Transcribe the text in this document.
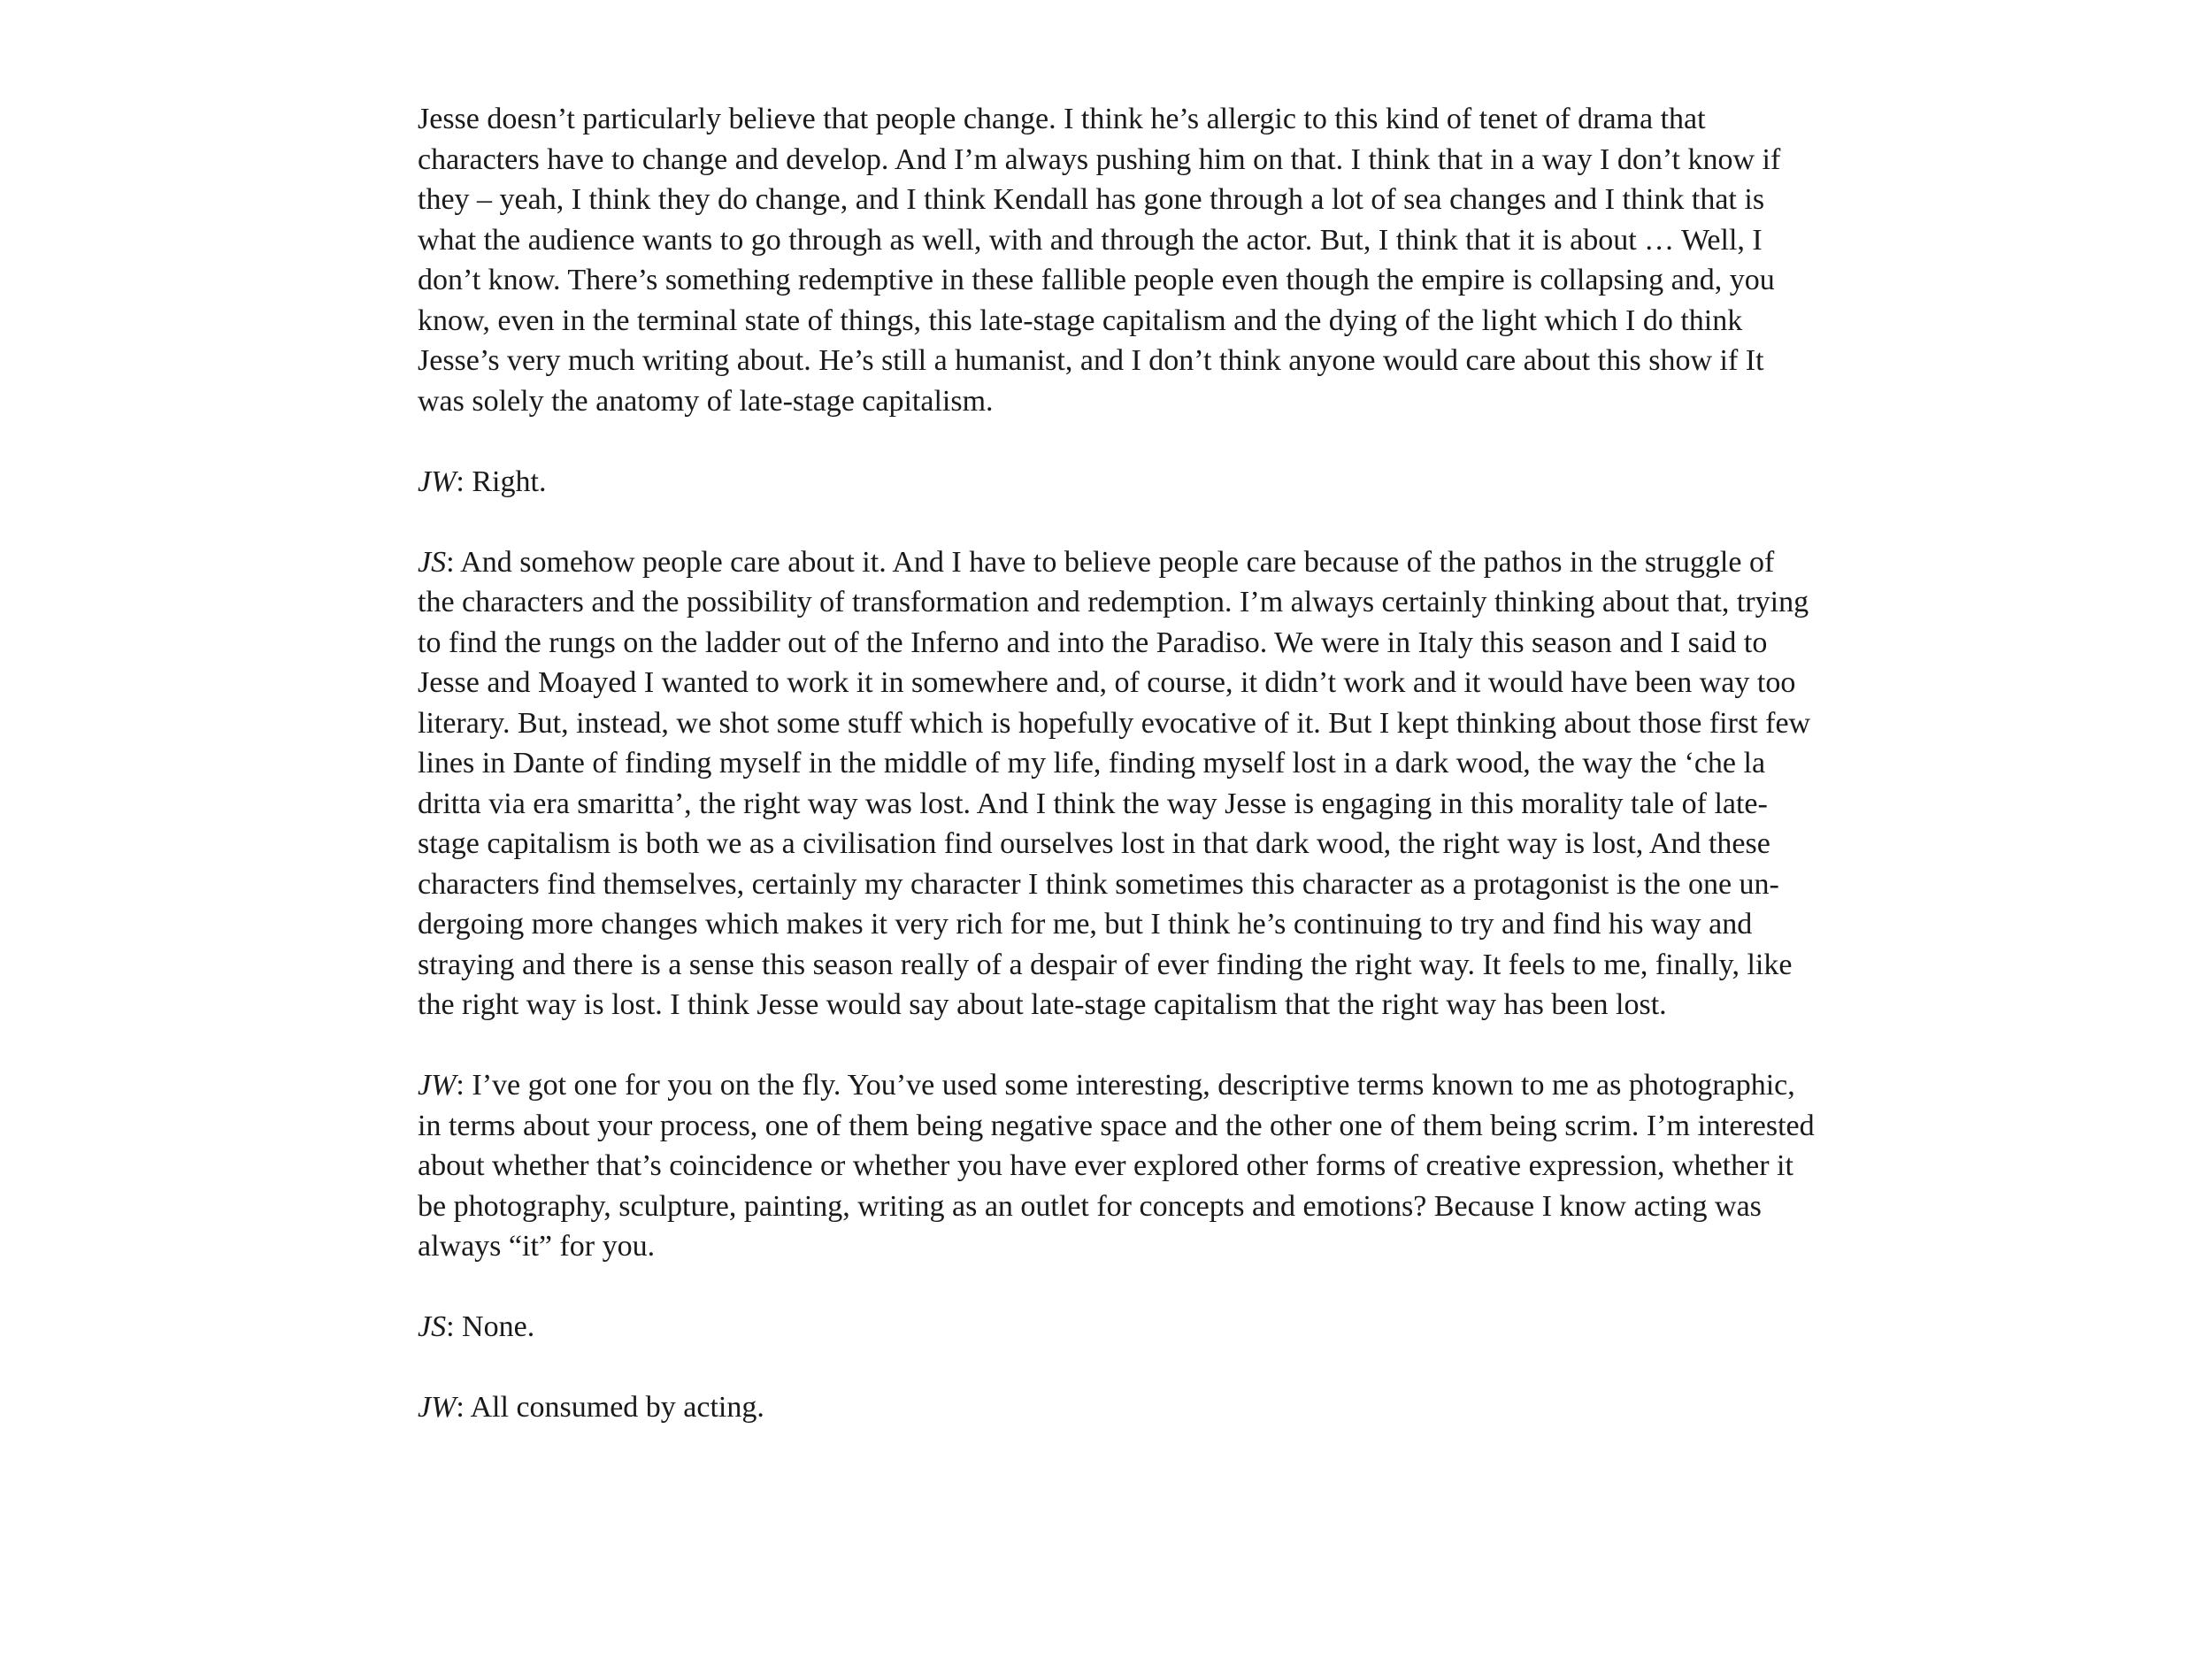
Jesse doesn’t particularly believe that people change. I think he’s allergic to this kind of tenet of drama that characters have to change and develop. And I’m always pushing him on that. I think that in a way I don’t know if they – yeah, I think they do change, and I think Kendall has gone through a lot of sea changes and I think that is what the audience wants to go through as well, with and through the actor. But, I think that it is about … Well, I don’t know. There’s something redemptive in these fallible people even though the empire is collapsing and, you know, even in the terminal state of things, this late-stage capitalism and the dying of the light which I do think Jesse’s very much writing about. He’s still a humanist, and I don’t think anyone would care about this show if It was solely the anatomy of late-stage capitalism.

JW: Right.

JS: And somehow people care about it. And I have to believe people care because of the pathos in the struggle of the characters and the possibility of transformation and redemption. I’m always certainly thinking about that, trying to find the rungs on the ladder out of the Inferno and into the Paradiso. We were in Italy this season and I said to Jesse and Moayed I wanted to work it in somewhere and, of course, it didn’t work and it would have been way too literary. But, instead, we shot some stuff which is hopefully evocative of it. But I kept thinking about those first few lines in Dante of finding myself in the middle of my life, finding myself lost in a dark wood, the way the ‘che la dritta via era smaritta’, the right way was lost. And I think the way Jesse is engaging in this morality tale of late-stage capitalism is both we as a civilisation find ourselves lost in that dark wood, the right way is lost, And these characters find themselves, certainly my character I think sometimes this character as a protagonist is the one un-dergoing more changes which makes it very rich for me, but I think he’s continuing to try and find his way and straying and there is a sense this season really of a despair of ever finding the right way. It feels to me, finally, like the right way is lost. I think Jesse would say about late-stage capitalism that the right way has been lost.

JW: I’ve got one for you on the fly. You’ve used some interesting, descriptive terms known to me as photographic, in terms about your process, one of them being negative space and the other one of them being scrim. I’m interested about whether that’s coincidence or whether you have ever explored other forms of creative expression, whether it be photography, sculpture, painting, writing as an outlet for concepts and emotions? Because I know acting was always “it” for you.

JS: None.

JW: All consumed by acting.
